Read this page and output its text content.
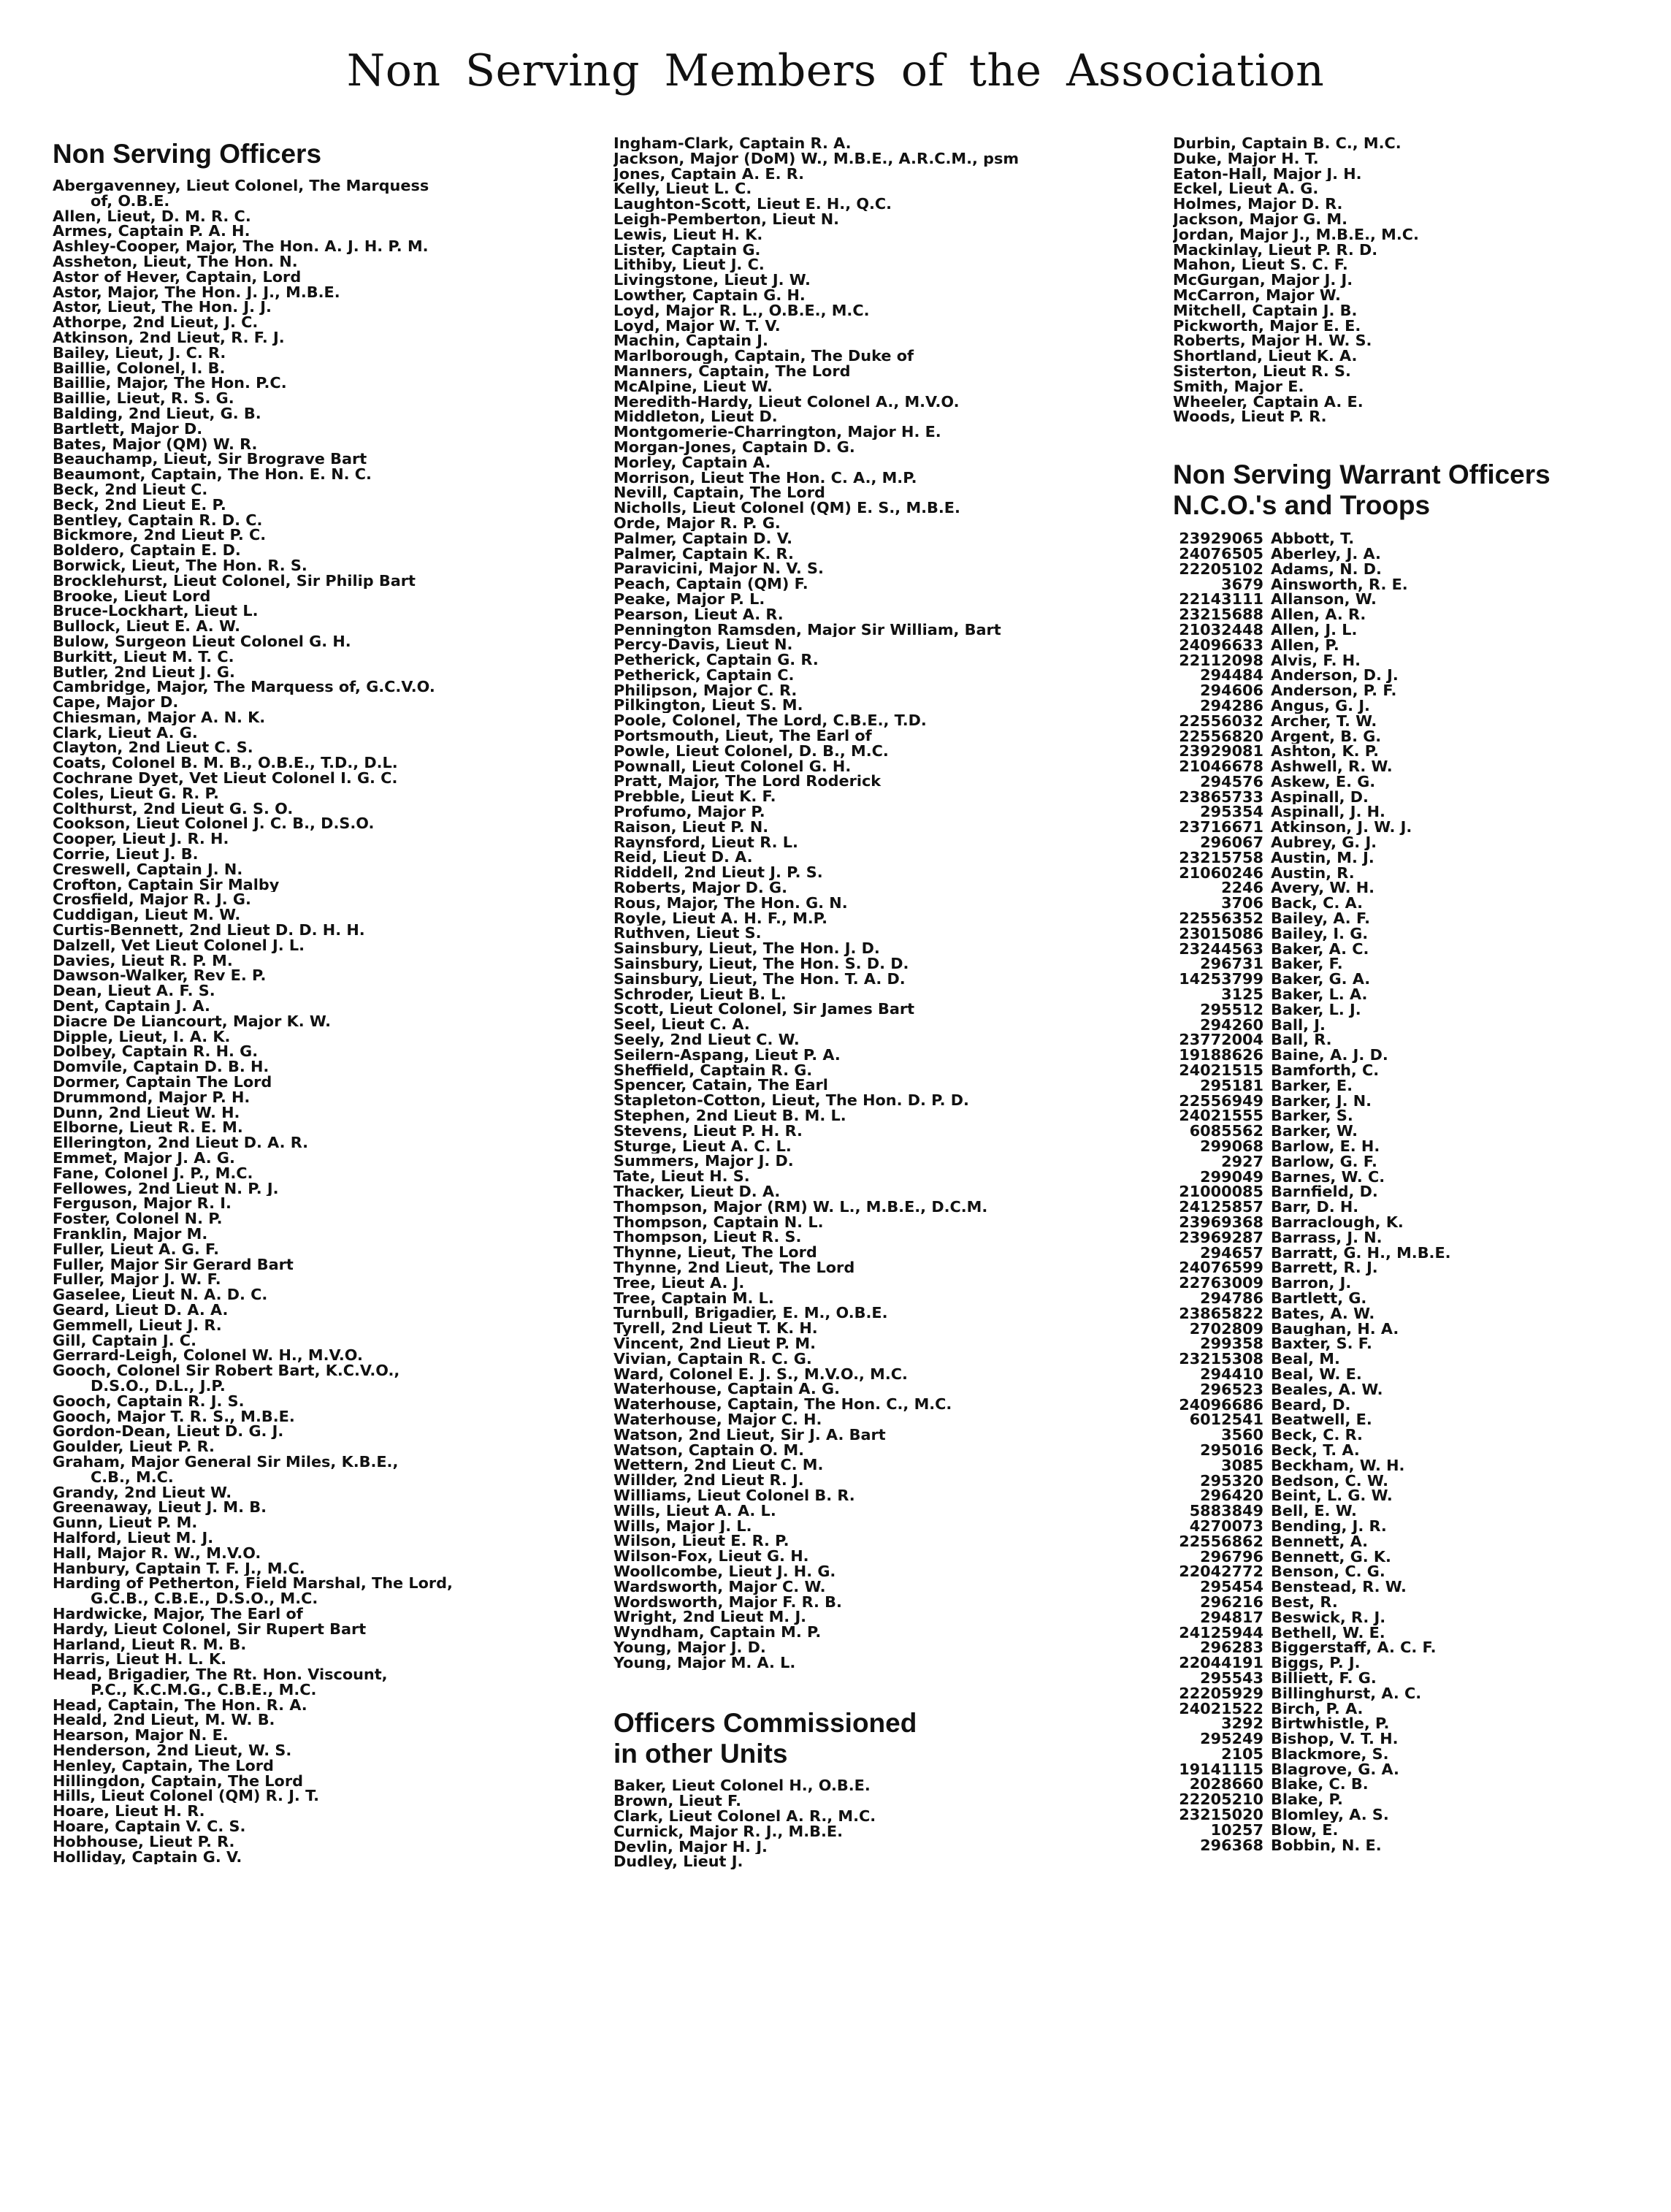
Non Serving Members of the Association
Non Serving Officers
Abergavenney, Lieut Colonel, The Marquess
of, O.B.E.
Allen, Lieut, D. M. R. C.
Armes, Captain P. A. H.
Ashley-Cooper, Major, The Hon. A. J. H. P. M.
Assheton, Lieut, The Hon. N.
Astor of Hever, Captain, Lord
Astor, Major, The Hon. J. J., M.B.E.
Astor, Lieut, The Hon. J. J.
Athorpe, 2nd Lieut, J. C.
Atkinson, 2nd Lieut, R. F. J.
Bailey, Lieut, J. C. R.
Baillie, Colonel, I. B.
Baillie, Major, The Hon. P.C.
Baillie, Lieut, R. S. G.
Balding, 2nd Lieut, G. B.
Bartlett, Major D.
Bates, Major (QM) W. R.
Beauchamp, Lieut, Sir Brograve Bart
Beaumont, Captain, The Hon. E. N. C.
Beck, 2nd Lieut C.
Beck, 2nd Lieut E. P.
Bentley, Captain R. D. C.
Bickmore, 2nd Lieut P. C.
Boldero, Captain E. D.
Borwick, Lieut, The Hon. R. S.
Brocklehurst, Lieut Colonel, Sir Philip Bart
Brooke, Lieut Lord
Bruce-Lockhart, Lieut L.
Bullock, Lieut E. A. W.
Bulow, Surgeon Lieut Colonel G. H.
Burkitt, Lieut M. T. C.
Butler, 2nd Lieut J. G.
Cambridge, Major, The Marquess of, G.C.V.O.
Cape, Major D.
Chiesman, Major A. N. K.
Clark, Lieut A. G.
Clayton, 2nd Lieut C. S.
Coats, Colonel B. M. B., O.B.E., T.D., D.L.
Cochrane Dyet, Vet Lieut Colonel I. G. C.
Coles, Lieut G. R. P.
Colthurst, 2nd Lieut G. S. O.
Cookson, Lieut Colonel J. C. B., D.S.O.
Cooper, Lieut J. R. H.
Corrie, Lieut J. B.
Creswell, Captain J. N.
Crofton, Captain Sir Malby
Crosfield, Major R. J. G.
Cuddigan, Lieut M. W.
Curtis-Bennett, 2nd Lieut D. D. H. H.
Dalzell, Vet Lieut Colonel J. L.
Davies, Lieut R. P. M.
Dawson-Walker, Rev E. P.
Dean, Lieut A. F. S.
Dent, Captain J. A.
Diacre De Liancourt, Major K. W.
Dipple, Lieut, I. A. K.
Dolbey, Captain R. H. G.
Domvile, Captain D. B. H.
Dormer, Captain The Lord
Drummond, Major P. H.
Dunn, 2nd Lieut W. H.
Elborne, Lieut R. E. M.
Ellerington, 2nd Lieut D. A. R.
Emmet, Major J. A. G.
Fane, Colonel J. P., M.C.
Fellowes, 2nd Lieut N. P. J.
Ferguson, Major R. I.
Foster, Colonel N. P.
Franklin, Major M.
Fuller, Lieut A. G. F.
Fuller, Major Sir Gerard Bart
Fuller, Major J. W. F.
Gaselee, Lieut N. A. D. C.
Geard, Lieut D. A. A.
Gemmell, Lieut J. R.
Gill, Captain J. C.
Gerrard-Leigh, Colonel W. H., M.V.O.
Gooch, Colonel Sir Robert Bart, K.C.V.O.,
D.S.O., D.L., J.P.
Gooch, Captain R. J. S.
Gooch, Major T. R. S., M.B.E.
Gordon-Dean, Lieut D. G. J.
Goulder, Lieut P. R.
Graham, Major General Sir Miles, K.B.E.,
C.B., M.C.
Grandy, 2nd Lieut W.
Greenaway, Lieut J. M. B.
Gunn, Lieut P. M.
Halford, Lieut M. J.
Hall, Major R. W., M.V.O.
Hanbury, Captain T. F. J., M.C.
Harding of Petherton, Field Marshal, The Lord,
G.C.B., C.B.E., D.S.O., M.C.
Hardwicke, Major, The Earl of
Hardy, Lieut Colonel, Sir Rupert Bart
Harland, Lieut R. M. B.
Harris, Lieut H. L. K.
Head, Brigadier, The Rt. Hon. Viscount,
P.C., K.C.M.G., C.B.E., M.C.
Head, Captain, The Hon. R. A.
Heald, 2nd Lieut, M. W. B.
Hearson, Major N. E.
Henderson, 2nd Lieut, W. S.
Henley, Captain, The Lord
Hillingdon, Captain, The Lord
Hills, Lieut Colonel (QM) R. J. T.
Hoare, Lieut H. R.
Hoare, Captain V. C. S.
Hobhouse, Lieut P. R.
Holliday, Captain G. V.
Ingham-Clark, Captain R. A.
Jackson, Major (DoM) W., M.B.E., A.R.C.M., psm
Jones, Captain A. E. R.
Kelly, Lieut L. C.
Laughton-Scott, Lieut E. H., Q.C.
Leigh-Pemberton, Lieut N.
Lewis, Lieut H. K.
Lister, Captain G.
Lithiby, Lieut J. C.
Livingstone, Lieut J. W.
Lowther, Captain G. H.
Loyd, Major R. L., O.B.E., M.C.
Loyd, Major W. T. V.
Machin, Captain J.
Marlborough, Captain, The Duke of
Manners, Captain, The Lord
McAlpine, Lieut W.
Meredith-Hardy, Lieut Colonel A., M.V.O.
Middleton, Lieut D.
Montgomerie-Charrington, Major H. E.
Morgan-Jones, Captain D. G.
Morley, Captain A.
Morrison, Lieut The Hon. C. A., M.P.
Nevill, Captain, The Lord
Nicholls, Lieut Colonel (QM) E. S., M.B.E.
Orde, Major R. P. G.
Palmer, Captain D. V.
Palmer, Captain K. R.
Paravicini, Major N. V. S.
Peach, Captain (QM) F.
Peake, Major P. L.
Pearson, Lieut A. R.
Pennington Ramsden, Major Sir William, Bart
Percy-Davis, Lieut N.
Petherick, Captain G. R.
Petherick, Captain C.
Philipson, Major C. R.
Pilkington, Lieut S. M.
Poole, Colonel, The Lord, C.B.E., T.D.
Portsmouth, Lieut, The Earl of
Powle, Lieut Colonel, D. B., M.C.
Pownall, Lieut Colonel G. H.
Pratt, Major, The Lord Roderick
Prebble, Lieut K. F.
Profumo, Major P.
Raison, Lieut P. N.
Raynsford, Lieut R. L.
Reid, Lieut D. A.
Riddell, 2nd Lieut J. P. S.
Roberts, Major D. G.
Rous, Major, The Hon. G. N.
Royle, Lieut A. H. F., M.P.
Ruthven, Lieut S.
Sainsbury, Lieut, The Hon. J. D.
Sainsbury, Lieut, The Hon. S. D. D.
Sainsbury, Lieut, The Hon. T. A. D.
Schroder, Lieut B. L.
Scott, Lieut Colonel, Sir James Bart
Seel, Lieut C. A.
Seely, 2nd Lieut C. W.
Seilern-Aspang, Lieut P. A.
Sheffield, Captain R. G.
Spencer, Catain, The Earl
Stapleton-Cotton, Lieut, The Hon. D. P. D.
Stephen, 2nd Lieut B. M. L.
Stevens, Lieut P. H. R.
Sturge, Lieut A. C. L.
Summers, Major J. D.
Tate, Lieut H. S.
Thacker, Lieut D. A.
Thompson, Major (RM) W. L., M.B.E., D.C.M.
Thompson, Captain N. L.
Thompson, Lieut R. S.
Thynne, Lieut, The Lord
Thynne, 2nd Lieut, The Lord
Tree, Lieut A. J.
Tree, Captain M. L.
Turnbull, Brigadier, E. M., O.B.E.
Tyrell, 2nd Lieut T. K. H.
Vincent, 2nd Lieut P. M.
Vivian, Captain R. C. G.
Ward, Colonel E. J. S., M.V.O., M.C.
Waterhouse, Captain A. G.
Waterhouse, Captain, The Hon. C., M.C.
Waterhouse, Major C. H.
Watson, 2nd Lieut, Sir J. A. Bart
Watson, Captain O. M.
Wettern, 2nd Lieut C. M.
Willder, 2nd Lieut R. J.
Williams, Lieut Colonel B. R.
Wills, Lieut A. A. L.
Wills, Major J. L.
Wilson, Lieut E. R. P.
Wilson-Fox, Lieut G. H.
Woollcombe, Lieut J. H. G.
Wardsworth, Major C. W.
Wordsworth, Major F. R. B.
Wright, 2nd Lieut M. J.
Wyndham, Captain M. P.
Young, Major J. D.
Young, Major M. A. L.
Officers Commissioned
in other Units
Baker, Lieut Colonel H., O.B.E.
Brown, Lieut F.
Clark, Lieut Colonel A. R., M.C.
Curnick, Major R. J., M.B.E.
Devlin, Major H. J.
Dudley, Lieut J.
Durbin, Captain B. C., M.C.
Duke, Major H. T.
Eaton-Hall, Major J. H.
Eckel, Lieut A. G.
Holmes, Major D. R.
Jackson, Major G. M.
Jordan, Major J., M.B.E., M.C.
Mackinlay, Lieut P. R. D.
Mahon, Lieut S. C. F.
McGurgan, Major J. J.
McCarron, Major W.
Mitchell, Captain J. B.
Pickworth, Major E. E.
Roberts, Major H. W. S.
Shortland, Lieut K. A.
Sisterton, Lieut R. S.
Smith, Major E.
Wheeler, Captain A. E.
Woods, Lieut P. R.
Non Serving Warrant Officers
N.C.O.'s and Troops
23929065 Abbott, T.
24076505 Aberley, J. A.
22205102 Adams, N. D.
3679 Ainsworth, R. E.
22143111 Allanson, W.
23215688 Allen, A. R.
21032448 Allen, J. L.
24096633 Allen, P.
22112098 Alvis, F. H.
294484 Anderson, D. J.
294606 Anderson, P. F.
294286 Angus, G. J.
22556032 Archer, T. W.
22556820 Argent, B. G.
23929081 Ashton, K. P.
21046678 Ashwell, R. W.
294576 Askew, E. G.
23865733 Aspinall, D.
295354 Aspinall, J. H.
23716671 Atkinson, J. W. J.
296067 Aubrey, G. J.
23215758 Austin, M. J.
21060246 Austin, R.
2246 Avery, W. H.
3706 Back, C. A.
22556352 Bailey, A. F.
23015086 Bailey, I. G.
23244563 Baker, A. C.
296731 Baker, F.
14253799 Baker, G. A.
3125 Baker, L. A.
295512 Baker, L. J.
294260 Ball, J.
23772004 Ball, R.
19188626 Baine, A. J. D.
24021515 Bamforth, C.
295181 Barker, E.
22556949 Barker, J. N.
24021555 Barker, S.
6085562 Barker, W.
299068 Barlow, E. H.
2927 Barlow, G. F.
299049 Barnes, W. C.
21000085 Barnfield, D.
24125857 Barr, D. H.
23969368 Barraclough, K.
23969287 Barrass, J. N.
294657 Barratt, G. H., M.B.E.
24076599 Barrett, R. J.
22763009 Barron, J.
294786 Bartlett, G.
23865822 Bates, A. W.
2702809 Baughan, H. A.
299358 Baxter, S. F.
23215308 Beal, M.
294410 Beal, W. E.
296523 Beales, A. W.
24096686 Beard, D.
6012541 Beatwell, E.
3560 Beck, C. R.
295016 Beck, T. A.
3085 Beckham, W. H.
295320 Bedson, C. W.
296420 Beint, L. G. W.
5883849 Bell, E. W.
4270073 Bending, J. R.
22556862 Bennett, A.
296796 Bennett, G. K.
22042772 Benson, C. G.
295454 Benstead, R. W.
296216 Best, R.
294817 Beswick, R. J.
24125944 Bethell, W. E.
296283 Biggerstaff, A. C. F.
22044191 Biggs, P. J.
295543 Billiett, F. G.
22205929 Billinghurst, A. C.
24021522 Birch, P. A.
3292 Birtwhistle, P.
295249 Bishop, V. T. H.
2105 Blackmore, S.
19141115 Blagrove, G. A.
2028660 Blake, C. B.
22205210 Blake, P.
23215020 Blomley, A. S.
10257 Blow, E.
296368 Bobbin, N. E.
